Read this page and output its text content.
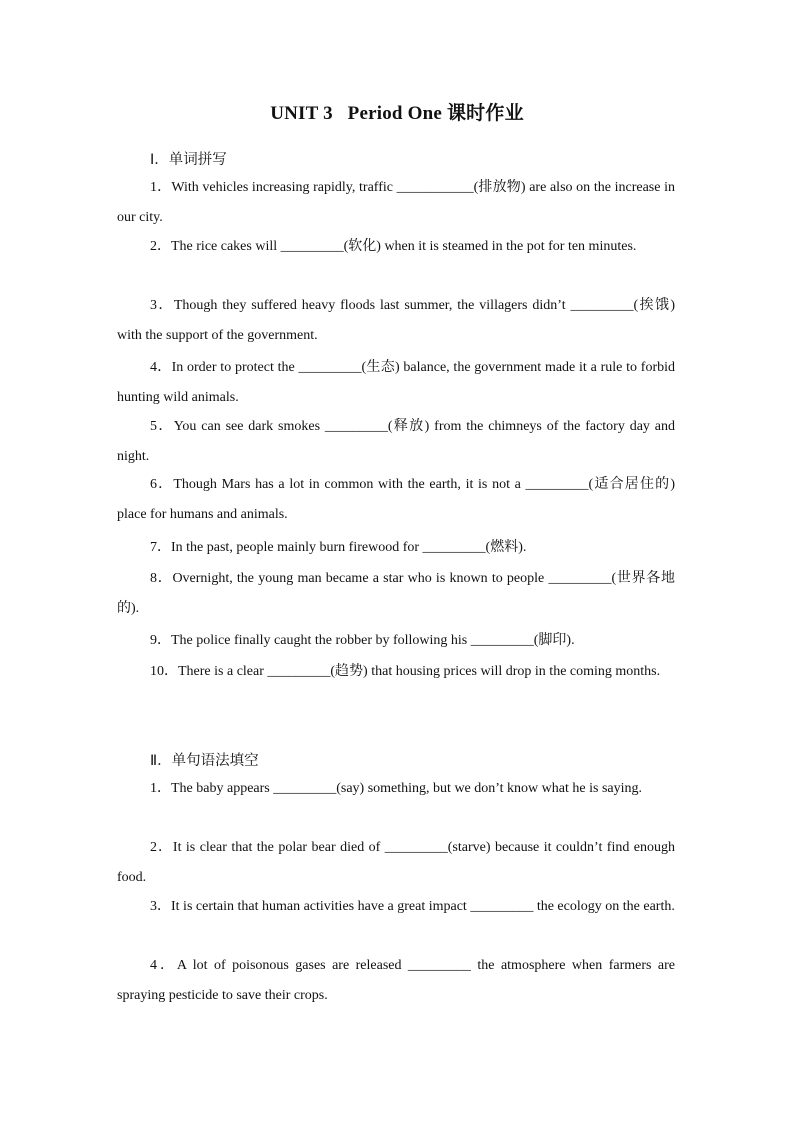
UNIT 3   Period One 课时作业
Ⅰ．单词拼写
1．With vehicles increasing rapidly, traffic ___________(排放物) are also on the increase in our city.
2．The rice cakes will _________(软化) when it is steamed in the pot for ten minutes.
3．Though they suffered heavy floods last summer, the villagers didn’t _________(挨饿) with the support of the government.
4．In order to protect the _________(生态) balance, the government made it a rule to forbid hunting wild animals.
5．You can see dark smokes _________(释放) from the chimneys of the factory day and night.
6．Though Mars has a lot in common with the earth, it is not a _________(适合居住的) place for humans and animals.
7．In the past, people mainly burn firewood for _________(燃料).
8．Overnight, the young man became a star who is known to people _________(世界各地的).
9．The police finally caught the robber by following his _________(脚印).
10．There is a clear _________(趋势) that housing prices will drop in the coming months.
Ⅱ．单句语法填空
1．The baby appears _________(say) something, but we don’t know what he is saying.
2．It is clear that the polar bear died of _________(starve) because it couldn’t find enough food.
3．It is certain that human activities have a great impact _________ the ecology on the earth.
4．A lot of poisonous gases are released _________ the atmosphere when farmers are spraying pesticide to save their crops.
